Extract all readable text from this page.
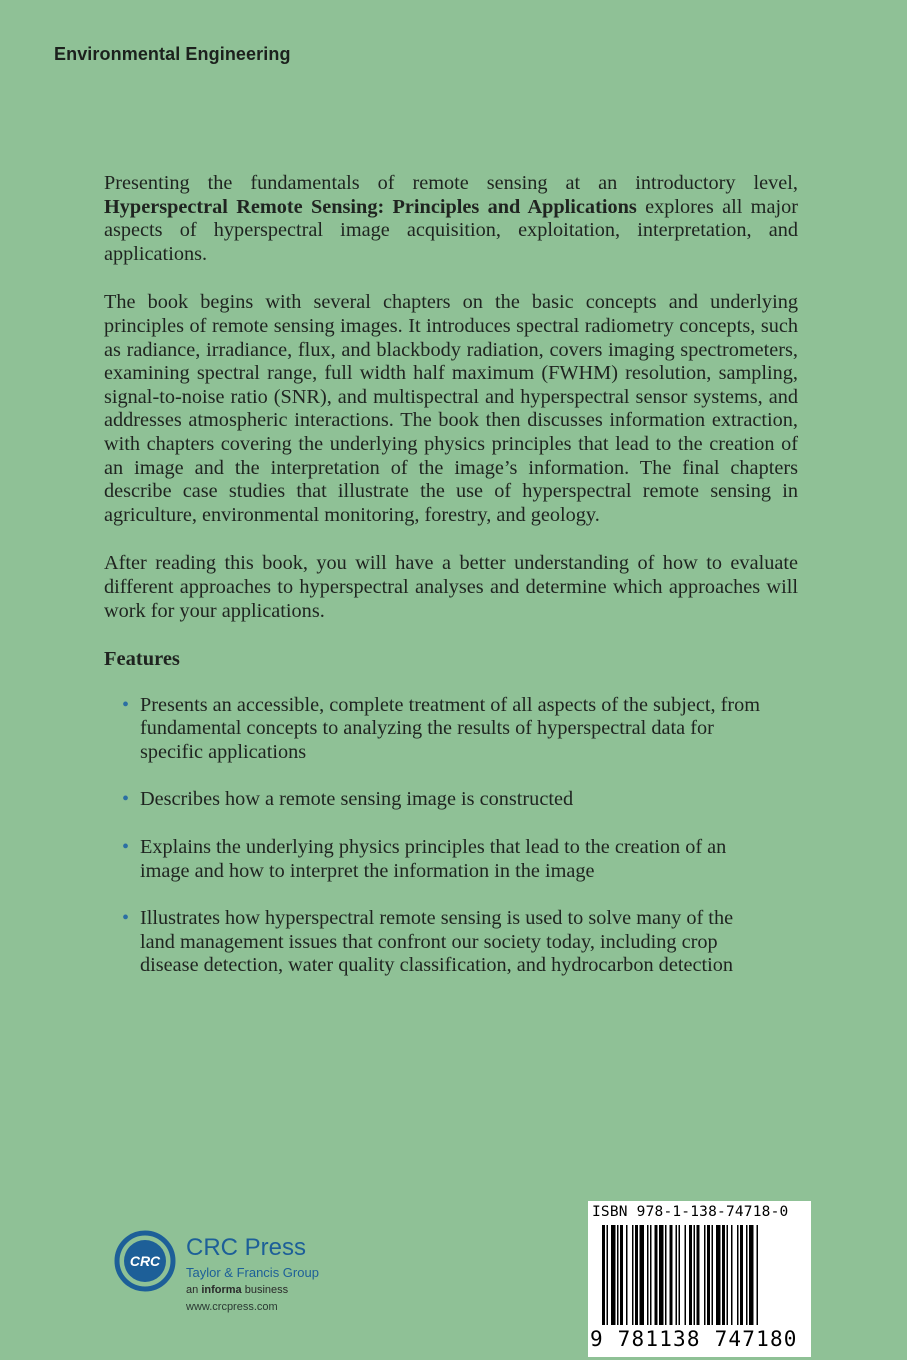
Environmental Engineering

Presenting the fundamentals of remote sensing at an introductory level, Hyperspectral Remote Sensing: Principles and Applications explores all major aspects of hyperspectral image acquisition, exploitation, interpretation, and applications.

The book begins with several chapters on the basic concepts and underlying principles of remote sensing images. It introduces spectral radiometry concepts, such as radiance, irradiance, flux, and blackbody radiation, covers imaging spectrometers, examining spectral range, full width half maximum (FWHM) resolution, sampling, signal-to-noise ratio (SNR), and multispectral and hyperspectral sensor systems, and addresses atmospheric interactions. The book then discusses information extraction, with chapters covering the underlying physics principles that lead to the creation of an image and the interpretation of the image’s information. The final chapters describe case studies that illustrate the use of hyperspectral remote sensing in agriculture, environmental monitoring, forestry, and geology.

After reading this book, you will have a better understanding of how to evaluate different approaches to hyperspectral analyses and determine which approaches will work for your applications.

Features
• Presents an accessible, complete treatment of all aspects of the subject, from fundamental concepts to analyzing the results of hyperspectral data for specific applications
• Describes how a remote sensing image is constructed
• Explains the underlying physics principles that lead to the creation of an image and how to interpret the information in the image
• Illustrates how hyperspectral remote sensing is used to solve many of the land management issues that confront our society today, including crop disease detection, water quality classification, and hydrocarbon detection
CRC CRC Press
Taylor & Francis Group
an informa business
www.crcpress.com
ISBN 978-1-138-74718-0
9 781138 747180
